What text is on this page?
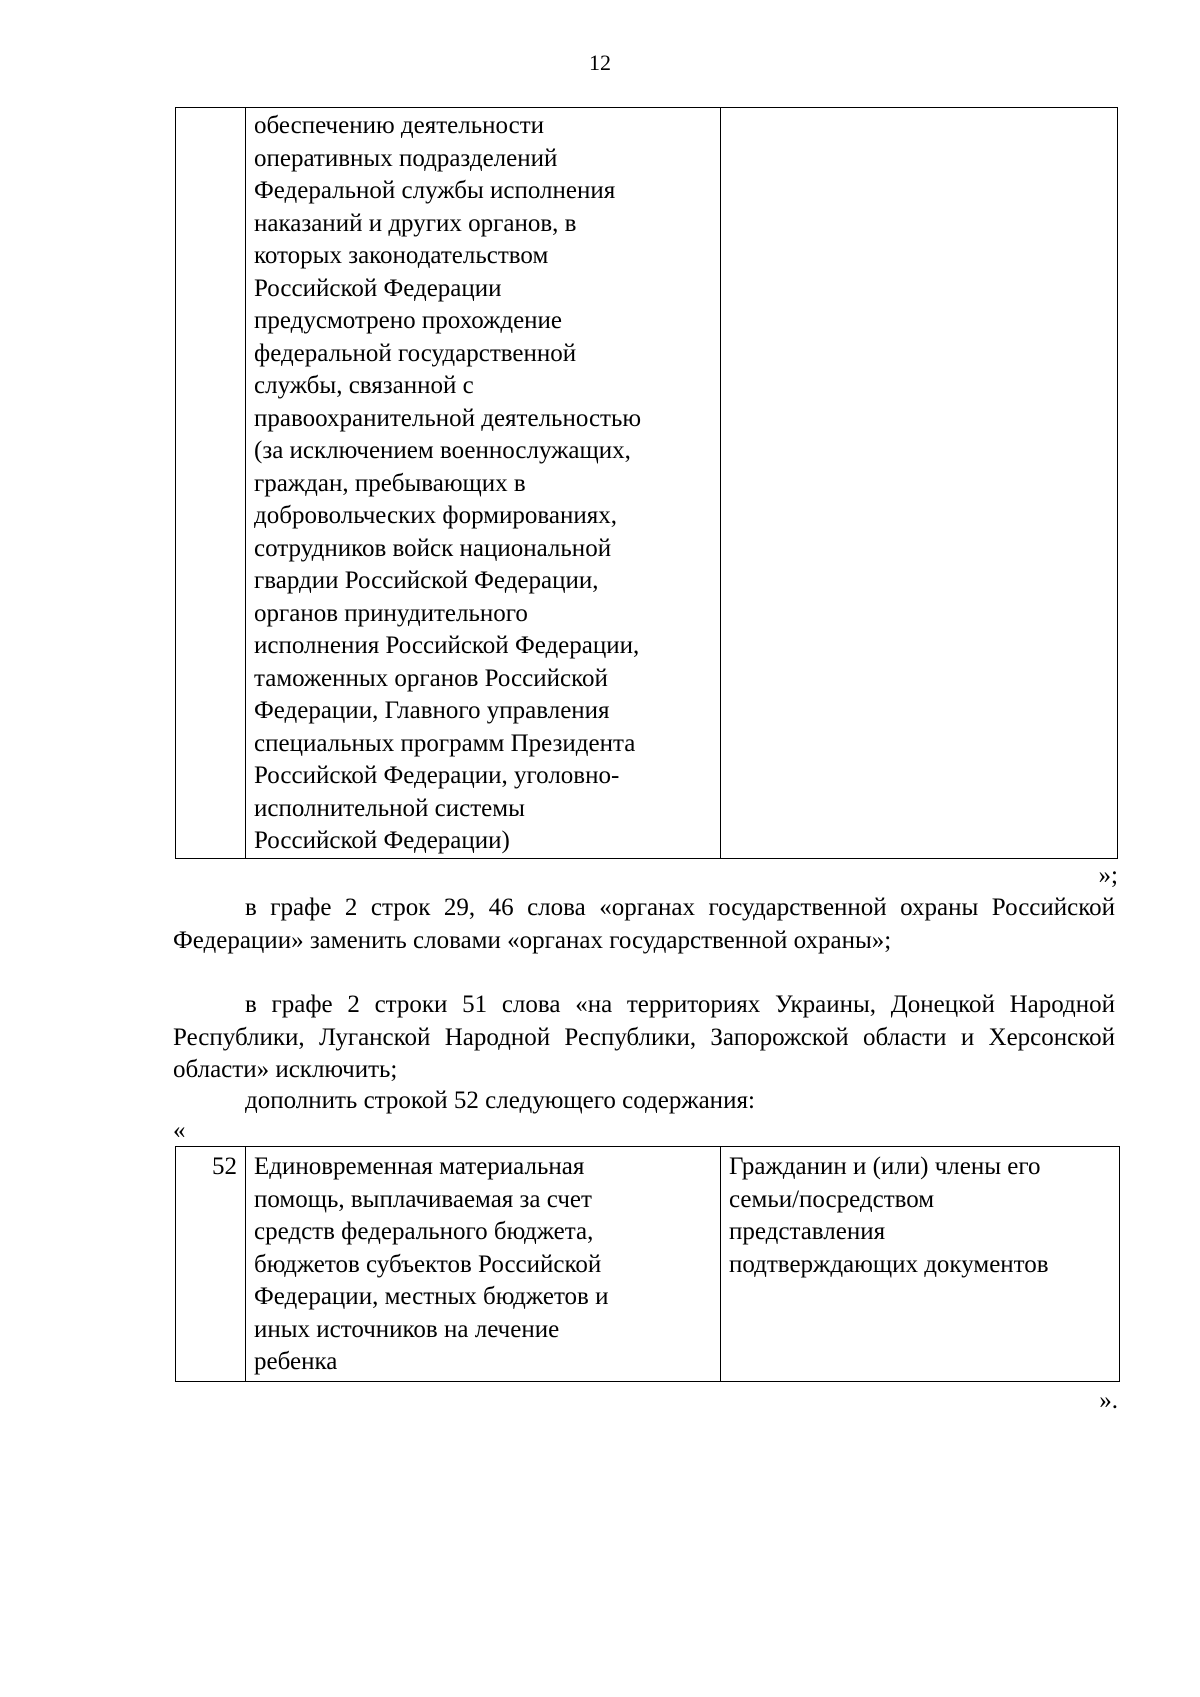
12
	обеспечению деятельности
оперативных подразделений
Федеральной службы исполнения
наказаний и других органов, в
которых законодательством
Российской Федерации
предусмотрено прохождение
федеральной государственной
службы, связанной с
правоохранительной деятельностью
(за исключением военнослужащих,
граждан, пребывающих в
добровольческих формированиях,
сотрудников войск национальной
гвардии Российской Федерации,
органов принудительного
исполнения Российской Федерации,
таможенных органов Российской
Федерации, Главного управления
специальных программ Президента
Российской Федерации, уголовно-
исполнительной системы
Российской Федерации)	
»;
в графе 2 строк 29, 46 слова «органах государственной охраны Российской Федерации» заменить словами «органах государственной охраны»;
в графе 2 строки 51 слова «на территориях Украины, Донецкой Народной Республики, Луганской Народной Республики, Запорожской области и Херсонской области» исключить;
дополнить строкой 52 следующего содержания:
«
52	Единовременная материальная
помощь, выплачиваемая за счет
средств федерального бюджета,
бюджетов субъектов Российской
Федерации, местных бюджетов и
иных источников на лечение
ребенка	Гражданин и (или) члены его
семьи/посредством
представления
подтверждающих документов
».
